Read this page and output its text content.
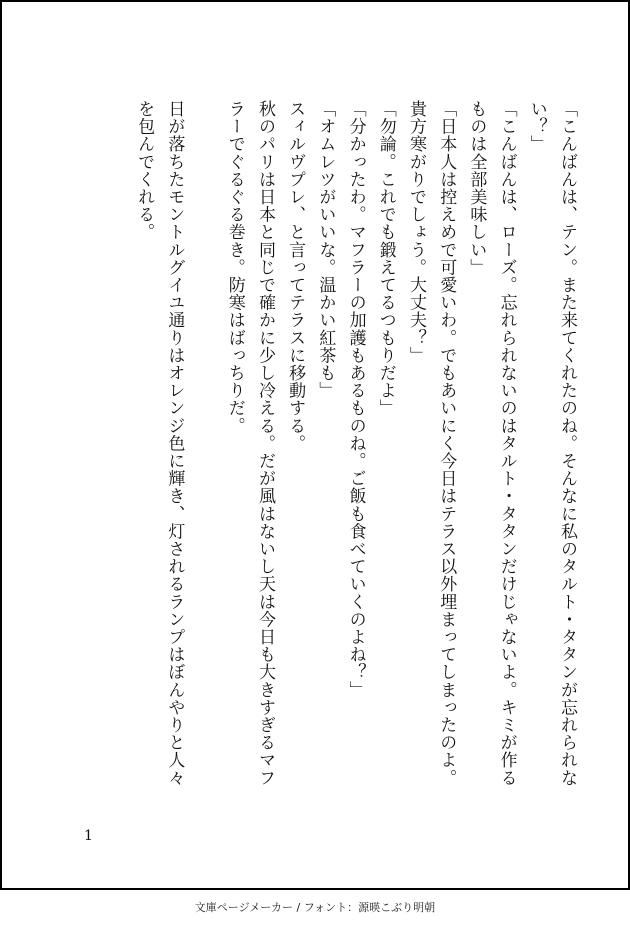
「こんばんは、テン。また来てくれたのね。そんなに私のタルト・タタンが忘れられない？」

「こんばんは、ローズ。忘れられないのはタルト・タタンだけじゃないよ。キミが作るものは全部美味しい」

「日本人は控えめで可愛いわ。でもあいにく今日はテラス以外埋まってしまったのよ。貴方寒がりでしょう。大丈夫？」

「勿論。これでも鍛えてるつもりだよ」

「分かったわ。マフラーの加護もあるものね。ご飯も食べていくのよね？」

「オムレツがいいな。温かい紅茶も」

スィルヴプレ、と言ってテラスに移動する。

秋のパリは日本と同じで確かに少し冷える。だが風はないし天は今日も大きすぎるマフラーでぐるぐる巻き。防寒はばっちりだ。

日が落ちたモントルグイユ通りはオレンジ色に輝き、灯されるランプはぼんやりと人々を包んでくれる。

1
文庫ページメーカー / フォント：源暎こぶり明朝
